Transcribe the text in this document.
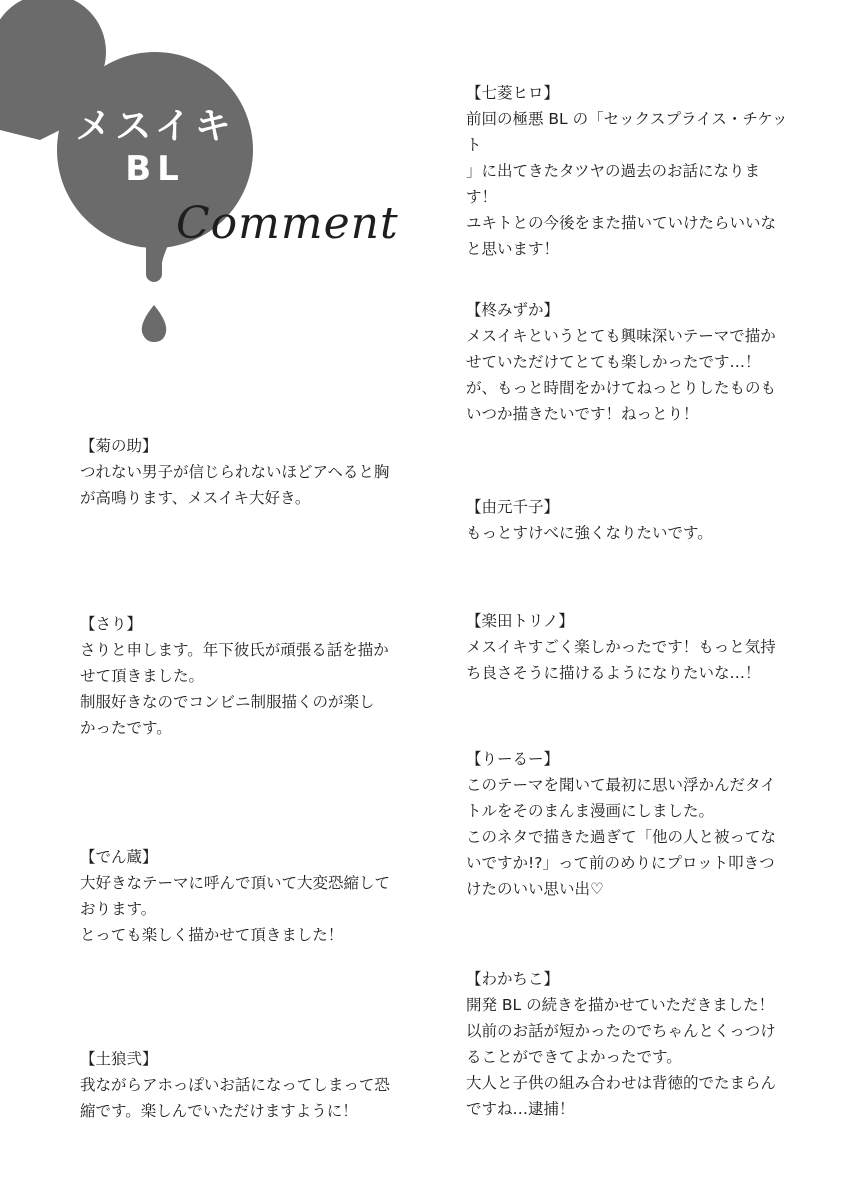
メスイキ
BL
Comment
【菊の助】
つれない男子が信じられないほどアヘると胸
が高鳴ります、メスイキ大好き。
【さり】
さりと申します。年下彼氏が頑張る話を描か
せて頂きました。
制服好きなのでコンビニ制服描くのが楽し
かったです。
【でん蔵】
大好きなテーマに呼んで頂いて大変恐縮して
おります。
とっても楽しく描かせて頂きました！
【土狼弐】
我ながらアホっぽいお話になってしまって恐
縮です。楽しんでいただけますように！
【七菱ヒロ】
前回の極悪 BL の「セックスプライス・チケット
」に出てきたタツヤの過去のお話になりま
す！
ユキトとの今後をまた描いていけたらいいな
と思います！
【柊みずか】
メスイキというとても興味深いテーマで描か
せていただけてとても楽しかったです…！
が、もっと時間をかけてねっとりしたものも
いつか描きたいです！ねっとり！
【由元千子】
もっとすけべに強くなりたいです。
【楽田トリノ】
メスイキすごく楽しかったです！もっと気持
ち良さそうに描けるようになりたいな…！
【りーるー】
このテーマを聞いて最初に思い浮かんだタイ
トルをそのまんま漫画にしました。
このネタで描きた過ぎて「他の人と被ってな
いですか!?」って前のめりにプロット叩きつ
けたのいい思い出♡
【わかちこ】
開発 BL の続きを描かせていただきました！
以前のお話が短かったのでちゃんとくっつけ
ることができてよかったです。
大人と子供の組み合わせは背徳的でたまらん
ですね…逮捕！
